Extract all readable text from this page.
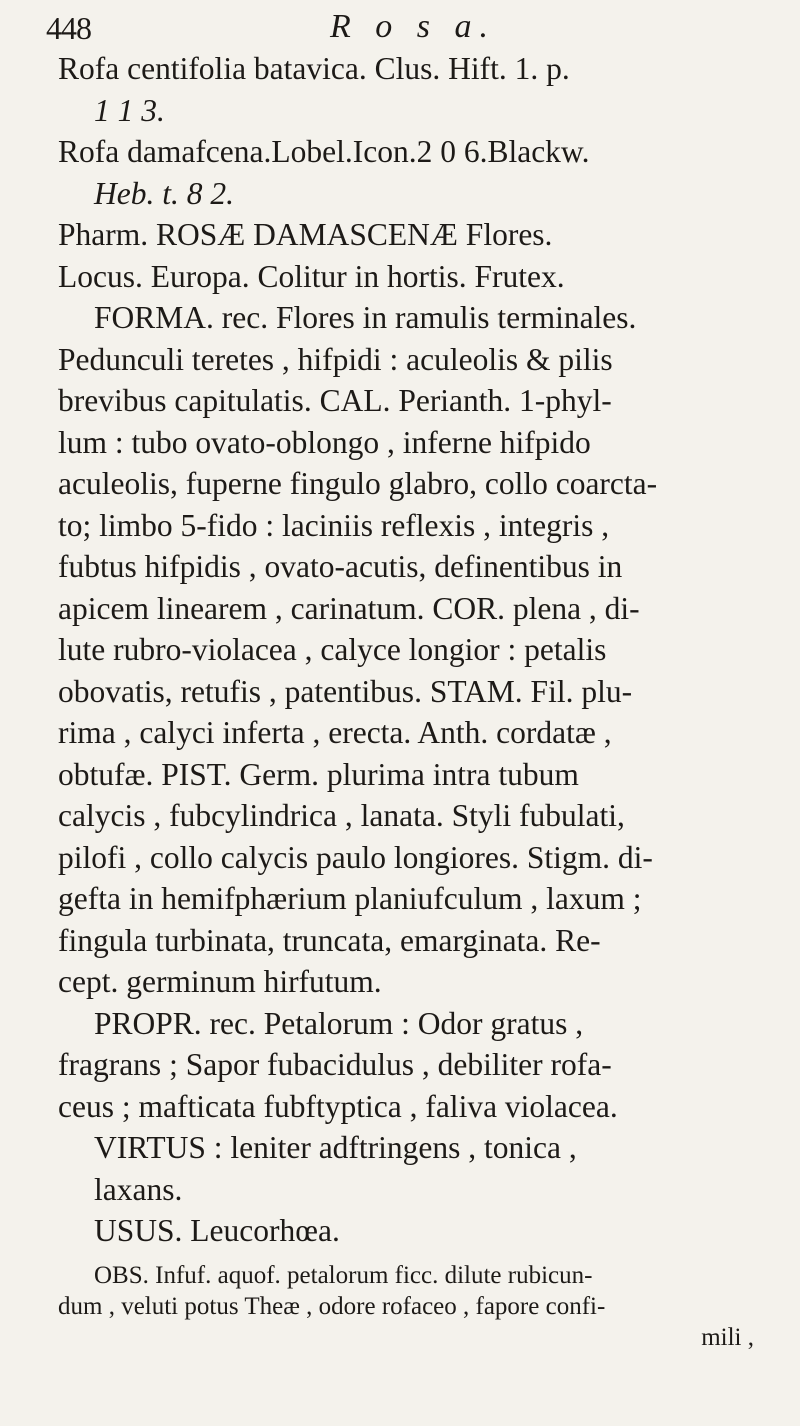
448	R o s a.
Rofa centifolia batavica. Clus. Hift. 1. p.
1 1 3.
Rofa damafcena.Lobel.Icon.2 0 6.Blackw.
Heb. t. 8 2.
Pharm. ROSÆ DAMASCENÆ Flores.
Locus. Europa. Colitur in hortis. Frutex.
FORMA. rec. Flores in ramulis terminales.
Pedunculi teretes , hifpidi : aculeolis & pilis
brevibus capitulatis. CAL. Perianth. 1-phyl-
lum : tubo ovato-oblongo , inferne hifpido
aculeolis, fuperne fingulo glabro, collo coarcta-
to; limbo 5-fido : laciniis reflexis , integris ,
fubtus hifpidis , ovato-acutis, definentibus in
apicem linearem , carinatum. COR. plena , di-
lute rubro-violacea , calyce longior : petalis
obovatis, retufis , patentibus. STAM. Fil. plu-
rima , calyci inferta , erecta. Anth. cordatæ ,
obtufæ. PIST. Germ. plurima intra tubum
calycis , fubcylindrica , lanata. Styli fubulati,
pilofi , collo calycis paulo longiores. Stigm. di-
gefta in hemifphærium planiufculum , laxum ;
fingula turbinata, truncata, emarginata. Re-
cept. germinum hirfutum.
PROPR. rec. Petalorum : Odor gratus ,
fragrans ; Sapor fubacidulus , debiliter rofa-
ceus ; mafticata fubftyptica , faliva violacea.
VIRTUS : leniter adftringens , tonica ,
laxans.
USUS. Leucorhœa.
OBS. Infuf. aquof. petalorum ficc. dilute rubicun-
dum , veluti potus Theæ , odore rofaceo , fapore confi-
mili ,
